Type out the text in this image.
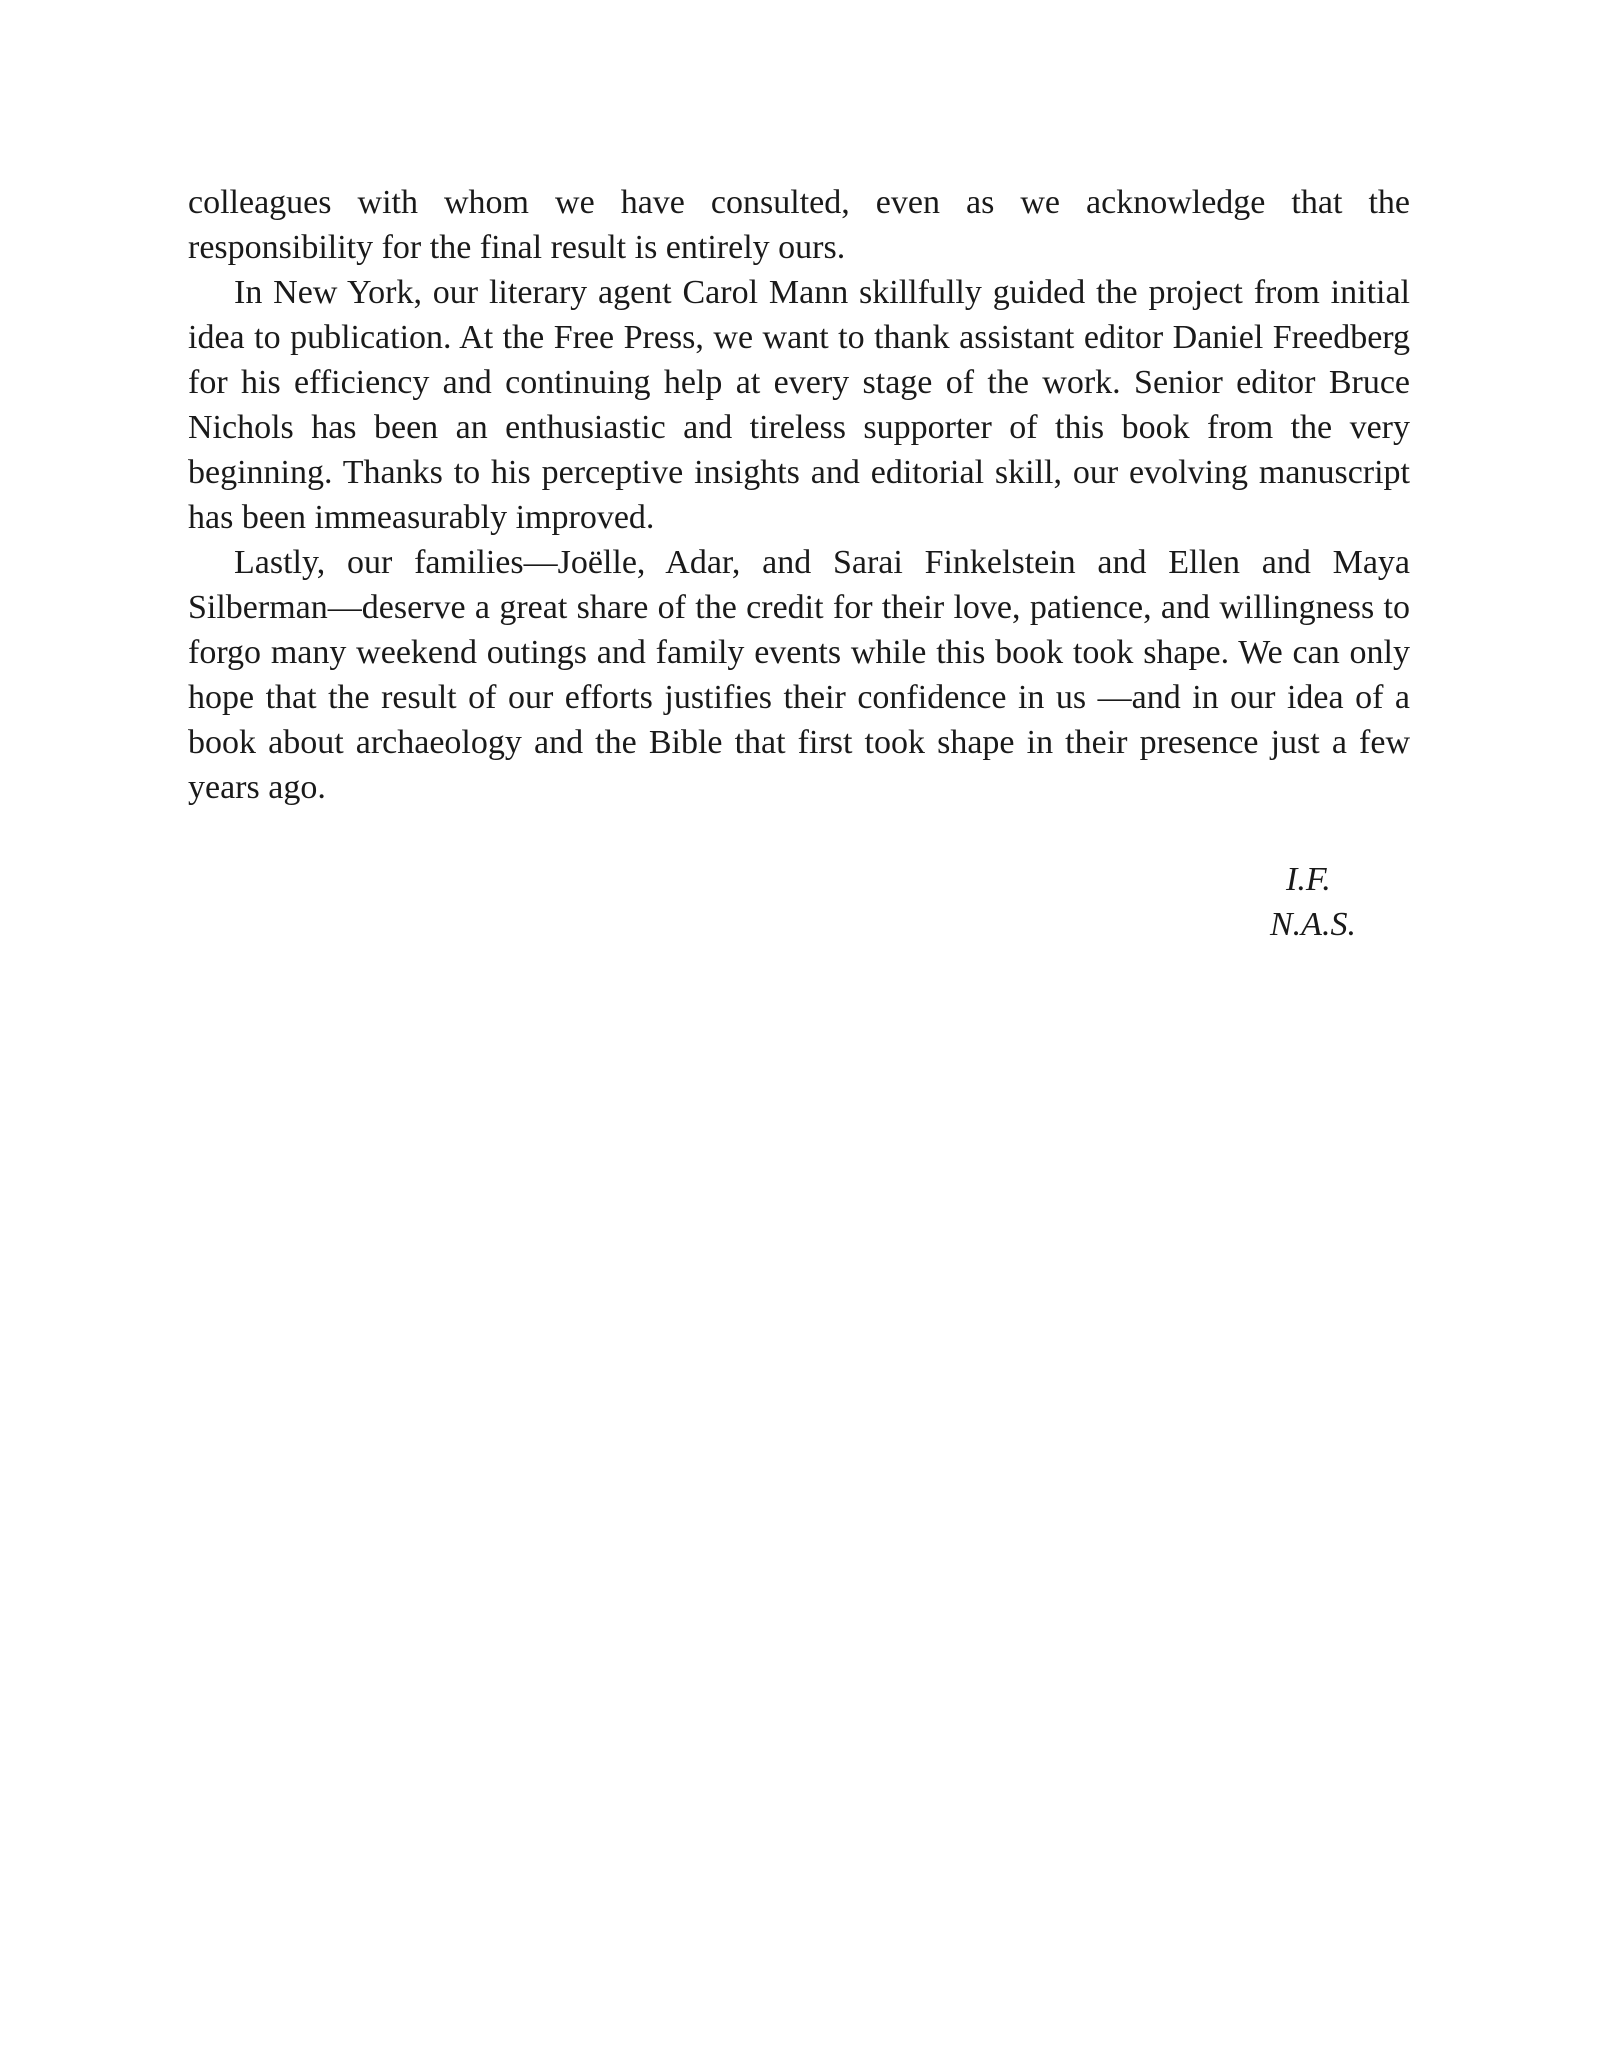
colleagues with whom we have consulted, even as we acknowledge that the responsibility for the final result is entirely ours.

In New York, our literary agent Carol Mann skillfully guided the project from initial idea to publication. At the Free Press, we want to thank assistant editor Daniel Freedberg for his efficiency and continuing help at every stage of the work. Senior editor Bruce Nichols has been an enthusiastic and tireless supporter of this book from the very beginning. Thanks to his perceptive insights and editorial skill, our evolving manuscript has been immeasurably improved.

Lastly, our families—Joëlle, Adar, and Sarai Finkelstein and Ellen and Maya Silberman—deserve a great share of the credit for their love, patience, and willingness to forgo many weekend outings and family events while this book took shape. We can only hope that the result of our efforts justifies their confidence in us —and in our idea of a book about archaeology and the Bible that first took shape in their presence just a few years ago.

I.F.
N.A.S.
